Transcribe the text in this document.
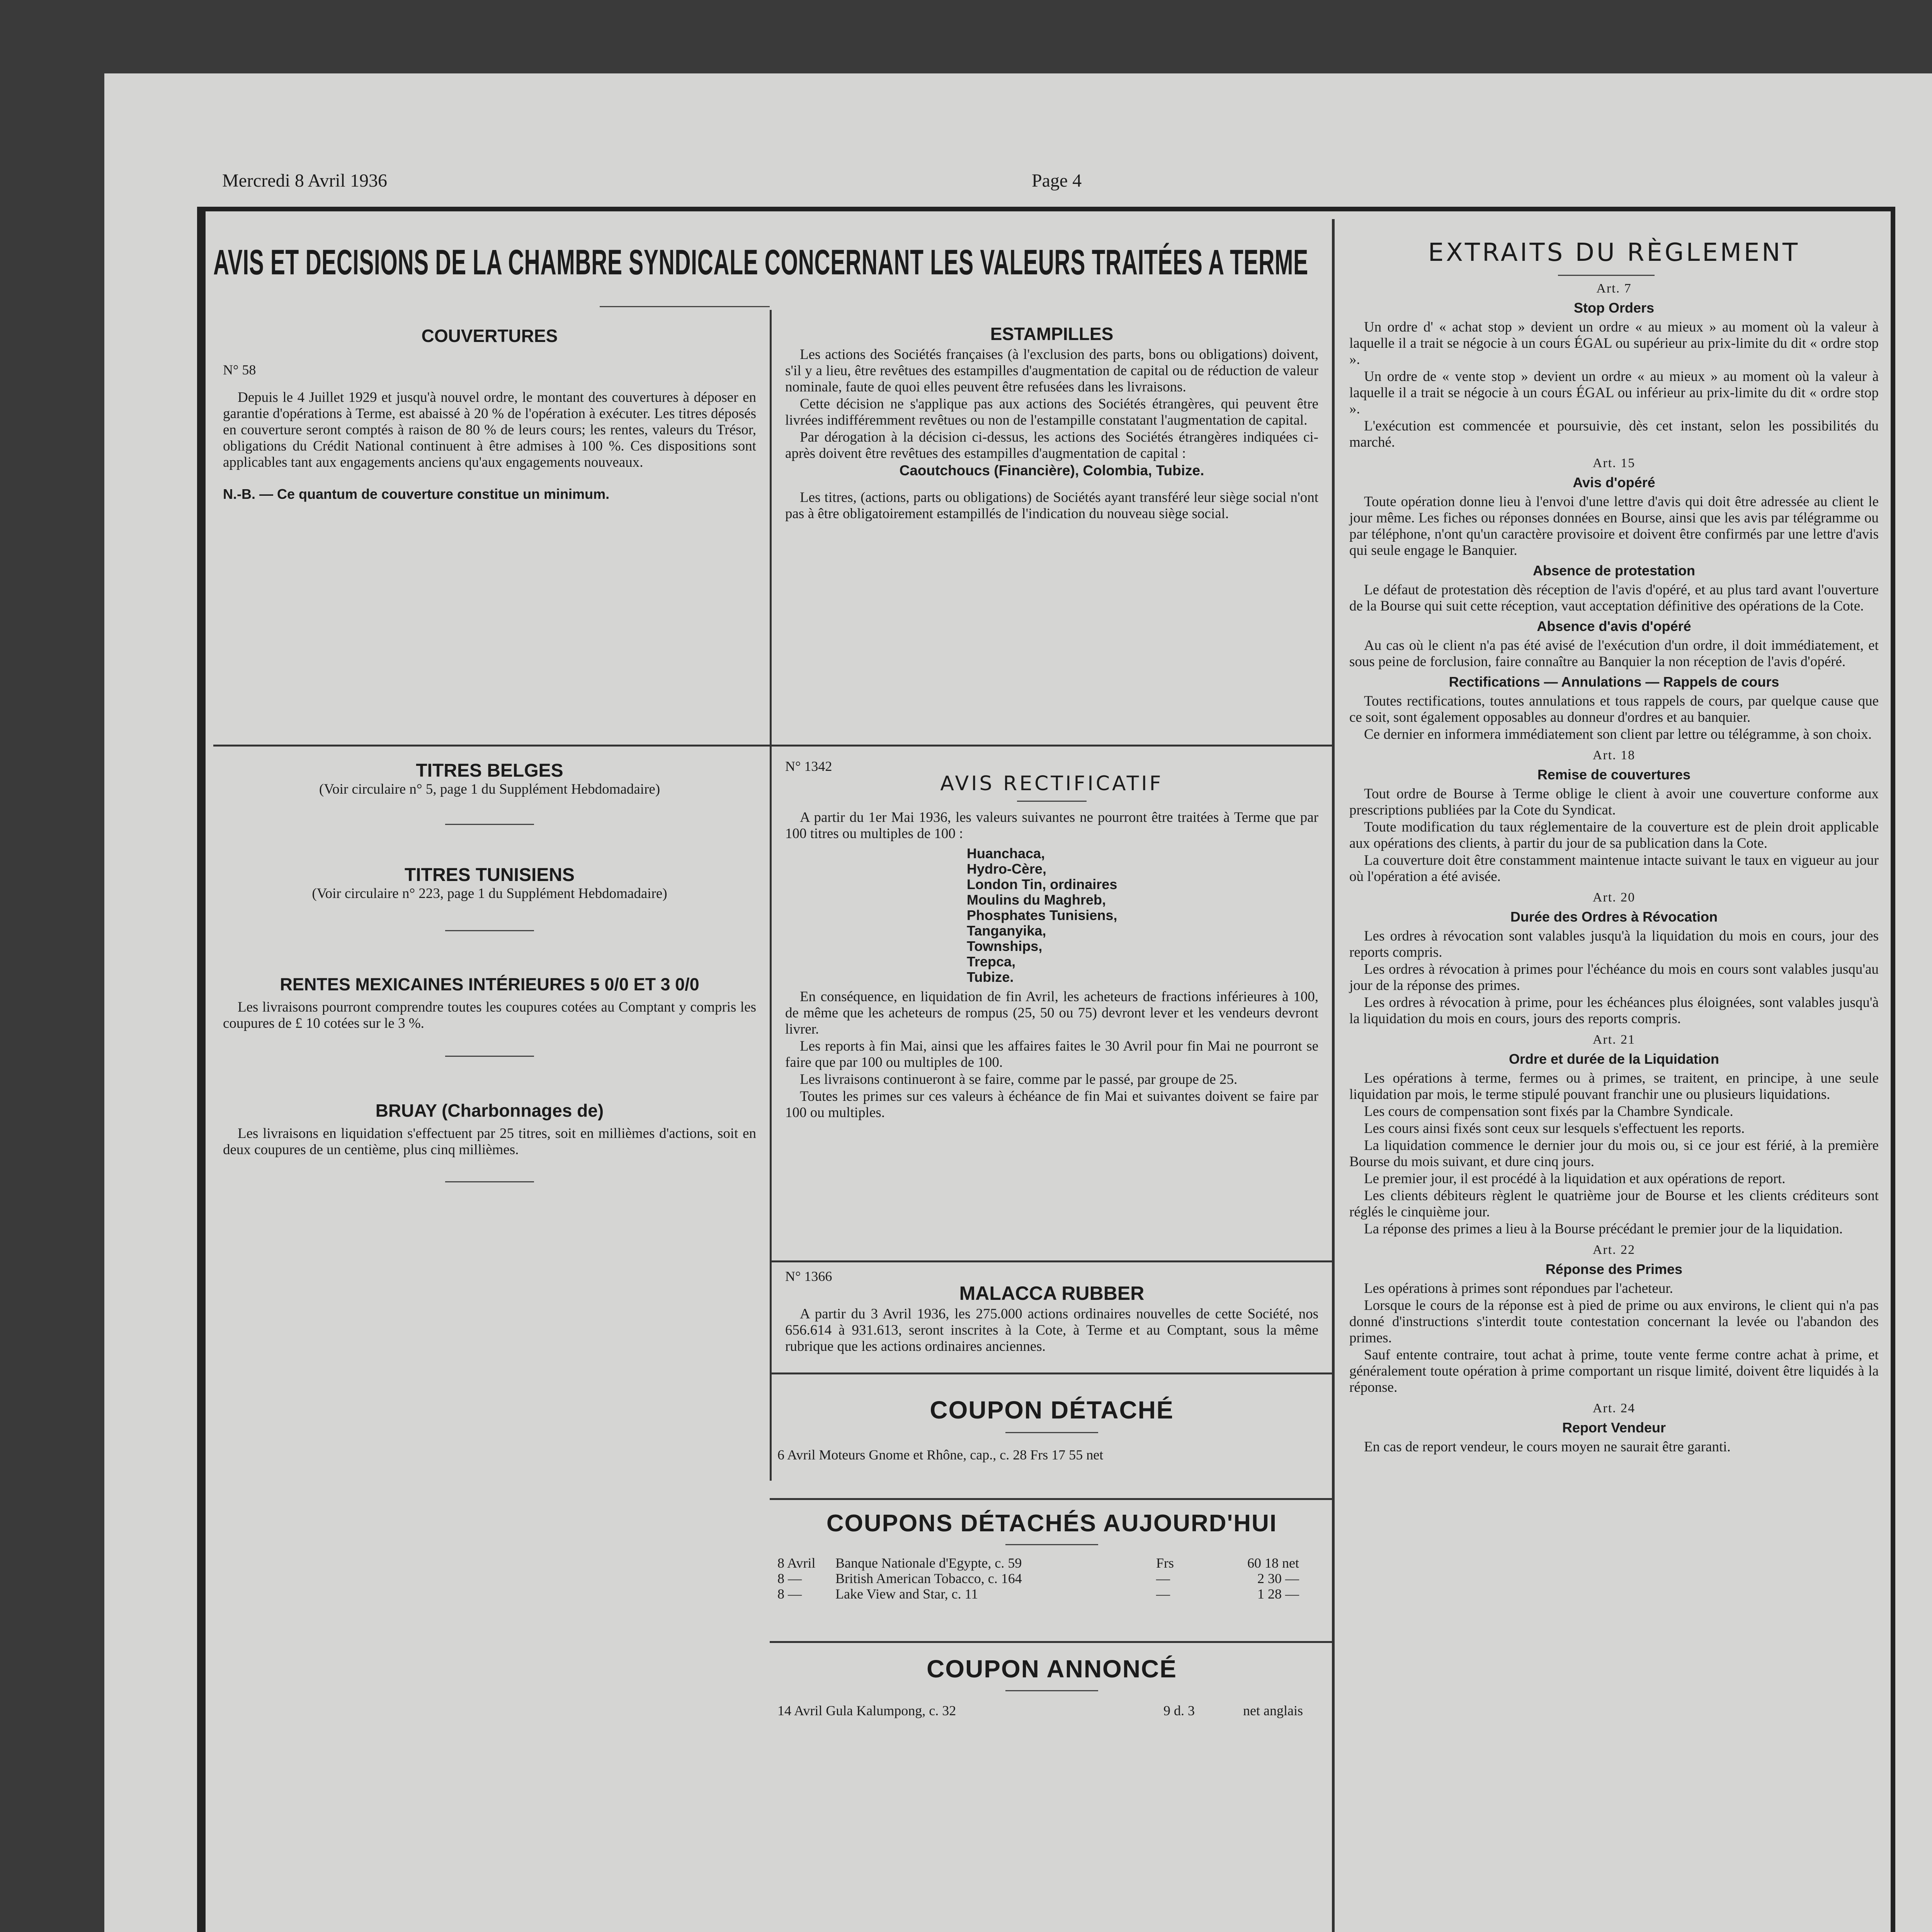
Mercredi 8 Avril 1936	Page 4
AVIS ET DECISIONS DE LA CHAMBRE SYNDICALE CONCERNANT LES VALEURS TRAITÉES A TERME
COUVERTURES
N° 58

Depuis le 4 Juillet 1929 et jusqu'à nouvel ordre, le montant des couvertures à déposer en garantie d'opérations à Terme, est abaissé à 20 % de l'opération à exécuter. Les titres déposés en couverture seront comptés à raison de 80 % de leurs cours; les rentes, valeurs du Trésor, obligations du Crédit National continuent à être admises à 100 %. Ces dispositions sont applicables tant aux engagements anciens qu'aux engagements nouveaux.

N.-B. — Ce quantum de couverture constitue un minimum.
TITRES BELGES
(Voir circulaire n° 5, page 1 du Supplément Hebdomadaire)
TITRES TUNISIENS
(Voir circulaire n° 223, page 1 du Supplément Hebdomadaire)
RENTES MEXICAINES INTÉRIEURES 5 0/0 ET 3 0/0

Les livraisons pourront comprendre toutes les coupures cotées au Comptant y compris les coupures de £ 10 cotées sur le 3 %.

BRUAY (Charbonnages de)

Les livraisons en liquidation s'effectuent par 25 titres, soit en millièmes d'actions, soit en deux coupures de un centième, plus cinq millièmes.

ESTAMPILLES

Les actions des Sociétés françaises (à l'exclusion des parts, bons ou obligations) doivent, s'il y a lieu, être revêtues des estampilles d'augmentation de capital ou de réduction de valeur nominale, faute de quoi elles peuvent être refusées dans les livraisons.

Cette décision ne s'applique pas aux actions des Sociétés étrangères, qui peuvent être livrées indifféremment revêtues ou non de l'estampille constatant l'augmentation de capital.

Par dérogation à la décision ci-dessus, les actions des Sociétés étrangères indiquées ci-après doivent être revêtues des estampilles d'augmentation de capital :

Caoutchoucs (Financière), Colombia, Tubize.

Les titres, (actions, parts ou obligations) de Sociétés ayant transféré leur siège social n'ont pas à être obligatoirement estampillés de l'indication du nouveau siège social.

N° 1342
AVIS RECTIFICATIF

A partir du 1er Mai 1936, les valeurs suivantes ne pourront être traitées à Terme que par 100 titres ou multiples de 100 :

Huanchaca,
Hydro-Cère,
London Tin, ordinaires
Moulins du Maghreb,
Phosphates Tunisiens,
Tanganyika,
Townships,
Trepca,
Tubize.

En conséquence, en liquidation de fin Avril, les acheteurs de fractions inférieures à 100, de même que les acheteurs de rompus (25, 50 ou 75) devront lever et les vendeurs devront livrer.

Les reports à fin Mai, ainsi que les affaires faites le 30 Avril pour fin Mai ne pourront se faire que par 100 ou multiples de 100.

Les livraisons continueront à se faire, comme par le passé, par groupe de 25.

Toutes les primes sur ces valeurs à échéance de fin Mai et suivantes doivent se faire par 100 ou multiples.

N° 1366
MALACCA RUBBER

A partir du 3 Avril 1936, les 275.000 actions ordinaires nouvelles de cette Société, nos 656.614 à 931.613, seront inscrites à la Cote, à Terme et au Comptant, sous la même rubrique que les actions ordinaires anciennes.

COUPON DÉTACHÉ
6 Avril Moteurs Gnome et Rhône, cap., c. 28 Frs 17 55 net
COUPONS DÉTACHÉS AUJOURD'HUI
8 Avril	Banque Nationale d'Egypte, c. 59	Frs	60 18 net
8 —	British American Tobacco, c. 164	—	2 30 —
8 —	Lake View and Star, c. 11	—	1 28 —
COUPON ANNONCÉ
14 Avril Gula Kalumpong, c. 32	9 d. 3	net anglais
EXTRAITS DU RÈGLEMENT
Art. 7
Stop Orders

Un ordre d' « achat stop » devient un ordre « au mieux » au moment où la valeur à laquelle il a trait se négocie à un cours ÉGAL ou supérieur au prix-limite du dit « ordre stop ».

Un ordre de « vente stop » devient un ordre « au mieux » au moment où la valeur à laquelle il a trait se négocie à un cours ÉGAL ou inférieur au prix-limite du dit « ordre stop ».

L'exécution est commencée et poursuivie, dès cet instant, selon les possibilités du marché.

Art. 15
Avis d'opéré

Toute opération donne lieu à l'envoi d'une lettre d'avis qui doit être adressée au client le jour même. Les fiches ou réponses données en Bourse, ainsi que les avis par télégramme ou par téléphone, n'ont qu'un caractère provisoire et doivent être confirmés par une lettre d'avis qui seule engage le Banquier.

Absence de protestation

Le défaut de protestation dès réception de l'avis d'opéré, et au plus tard avant l'ouverture de la Bourse qui suit cette réception, vaut acceptation définitive des opérations de la Cote.

Absence d'avis d'opéré

Au cas où le client n'a pas été avisé de l'exécution d'un ordre, il doit immédiatement, et sous peine de forclusion, faire connaître au Banquier la non réception de l'avis d'opéré.

Rectifications — Annulations — Rappels de cours

Toutes rectifications, toutes annulations et tous rappels de cours, par quelque cause que ce soit, sont également opposables au donneur d'ordres et au banquier.

Ce dernier en informera immédiatement son client par lettre ou télégramme, à son choix.

Art. 18
Remise de couvertures

Tout ordre de Bourse à Terme oblige le client à avoir une couverture conforme aux prescriptions publiées par la Cote du Syndicat.

Toute modification du taux réglementaire de la couverture est de plein droit applicable aux opérations des clients, à partir du jour de sa publication dans la Cote.

La couverture doit être constamment maintenue intacte suivant le taux en vigueur au jour où l'opération a été avisée.

Art. 20
Durée des Ordres à Révocation

Les ordres à révocation sont valables jusqu'à la liquidation du mois en cours, jour des reports compris.

Les ordres à révocation à primes pour l'échéance du mois en cours sont valables jusqu'au jour de la réponse des primes.

Les ordres à révocation à prime, pour les échéances plus éloignées, sont valables jusqu'à la liquidation du mois en cours, jours des reports compris.

Art. 21
Ordre et durée de la Liquidation

Les opérations à terme, fermes ou à primes, se traitent, en principe, à une seule liquidation par mois, le terme stipulé pouvant franchir une ou plusieurs liquidations.

Les cours de compensation sont fixés par la Chambre Syndicale.

Les cours ainsi fixés sont ceux sur lesquels s'effectuent les reports.

La liquidation commence le dernier jour du mois ou, si ce jour est férié, à la première Bourse du mois suivant, et dure cinq jours.

Le premier jour, il est procédé à la liquidation et aux opérations de report.

Les clients débiteurs règlent le quatrième jour de Bourse et les clients créditeurs sont réglés le cinquième jour.

La réponse des primes a lieu à la Bourse précédant le premier jour de la liquidation.

Art. 22
Réponse des Primes

Les opérations à primes sont répondues par l'acheteur.

Lorsque le cours de la réponse est à pied de prime ou aux environs, le client qui n'a pas donné d'instructions s'interdit toute contestation concernant la levée ou l'abandon des primes.

Sauf entente contraire, tout achat à prime, toute vente ferme contre achat à prime, et généralement toute opération à prime comportant un risque limité, doivent être liquidés à la réponse.

Art. 24
Report Vendeur

En cas de report vendeur, le cours moyen ne saurait être garanti.
